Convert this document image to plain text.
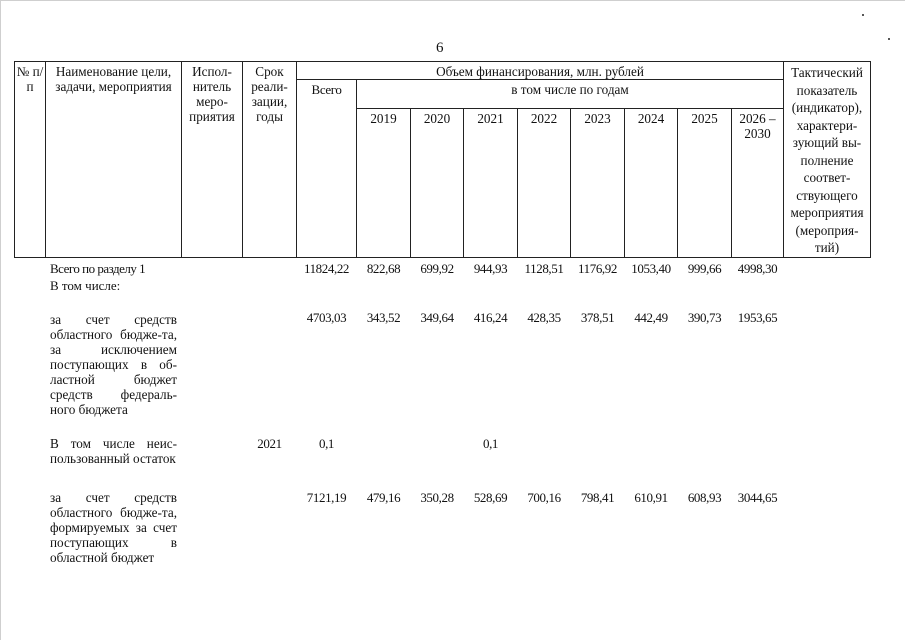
6
№ п/п	Наименование цели, задачи, мероприятия	Испол-нитель меро-приятия	Срок реали-зации, годы	Объем финансирования, млн. рублей									Тактический показатель (индикатор), характери-зующий вы-полнение соответ-ствующего мероприятия (мероприя-тий)
				Всего	в том числе по годам								
					2019	2020	2021	2022	2023	2024	2025	2026 – 2030	
	Всего по разделу 1			11824,22	822,68	699,92	944,93	1128,51	1176,92	1053,40	999,66	4998,30	
	В том числе:												
	за счет средств областного бюдже-та, за исключением поступающих в об-ластной бюджет средств федераль-ного бюджета			4703,03	343,52	349,64	416,24	428,35	378,51	442,49	390,73	1953,65	
	В том числе неис-пользованный остаток		2021	0,1			0,1						
	за счет средств областного бюдже-та, формируемых за счет поступающих в областной бюджет			7121,19	479,16	350,28	528,69	700,16	798,41	610,91	608,93	3044,65	
